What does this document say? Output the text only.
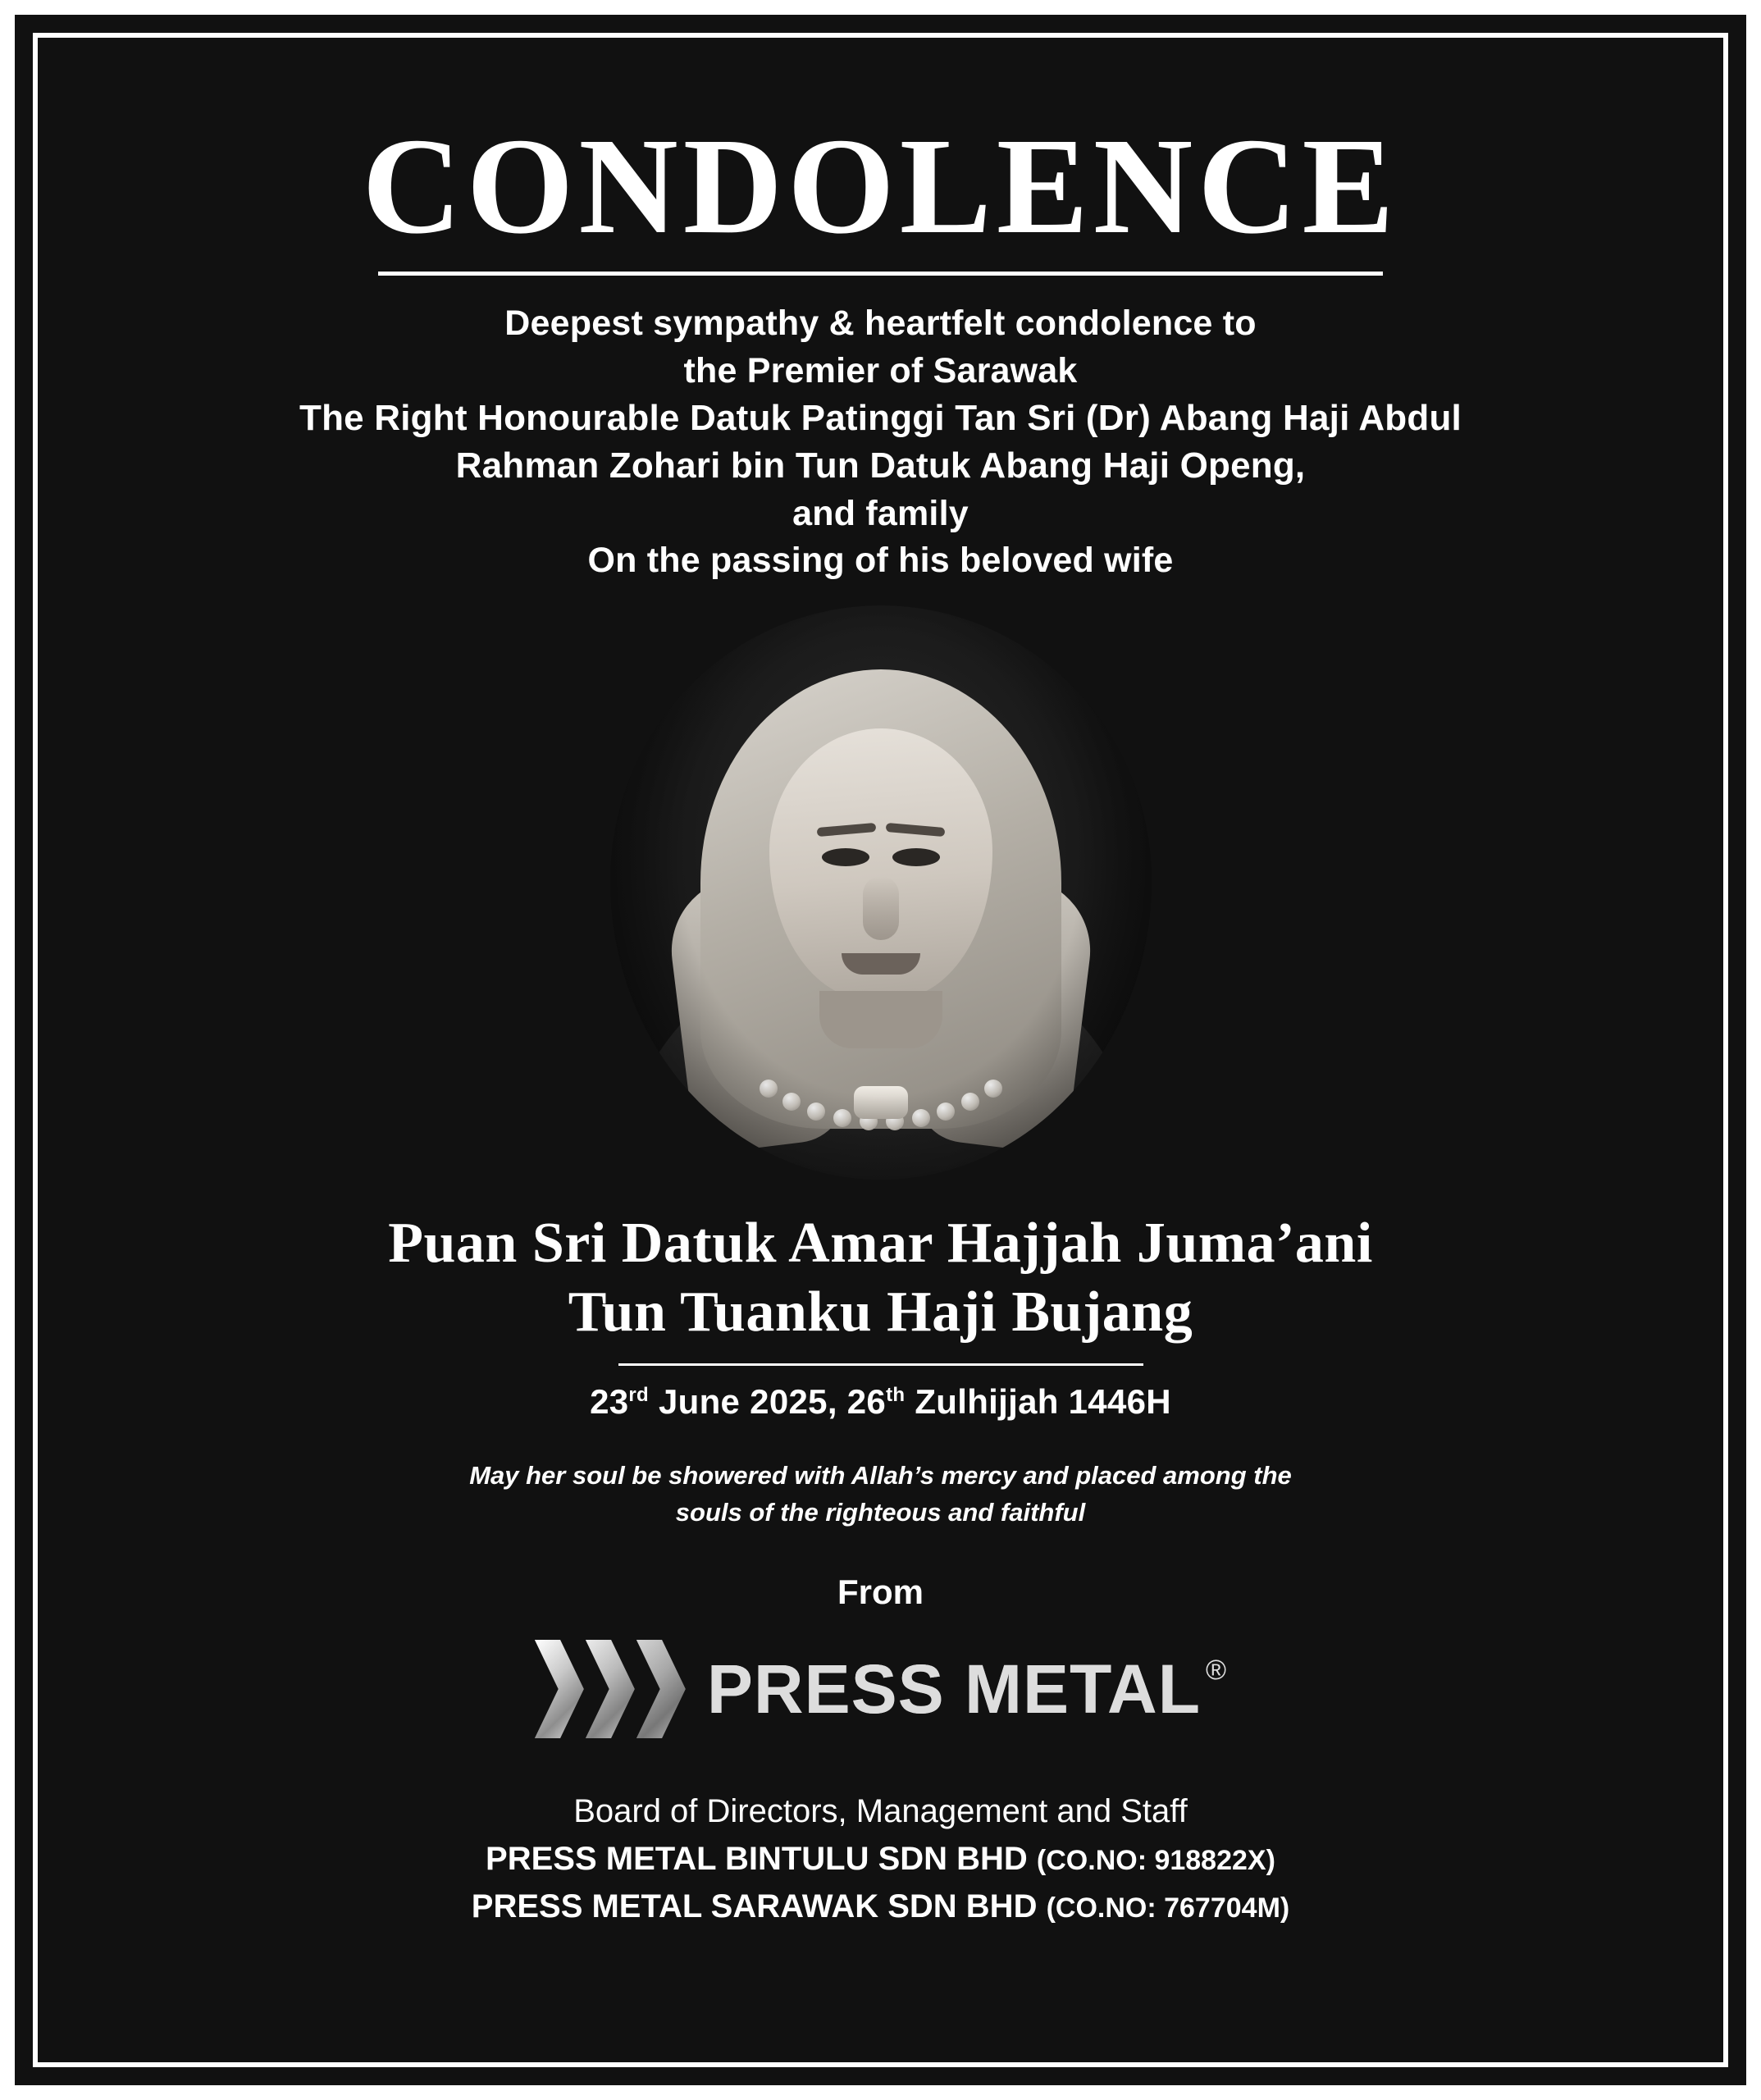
CONDOLENCE
Deepest sympathy & heartfelt condolence to
the Premier of Sarawak
The Right Honourable Datuk Patinggi Tan Sri (Dr) Abang Haji Abdul
Rahman Zohari bin Tun Datuk Abang Haji Openg,
and family
On the passing of his beloved wife
Puan Sri Datuk Amar Hajjah Juma’ani
Tun Tuanku Haji Bujang
23rd June 2025, 26th Zulhijjah 1446H
May her soul be showered with Allah’s mercy and placed among the
souls of the righteous and faithful
From
PRESS METAL ®
Board of Directors, Management and Staff
PRESS METAL BINTULU SDN BHD (CO.NO: 918822X)
PRESS METAL SARAWAK SDN BHD (CO.NO: 767704M)
